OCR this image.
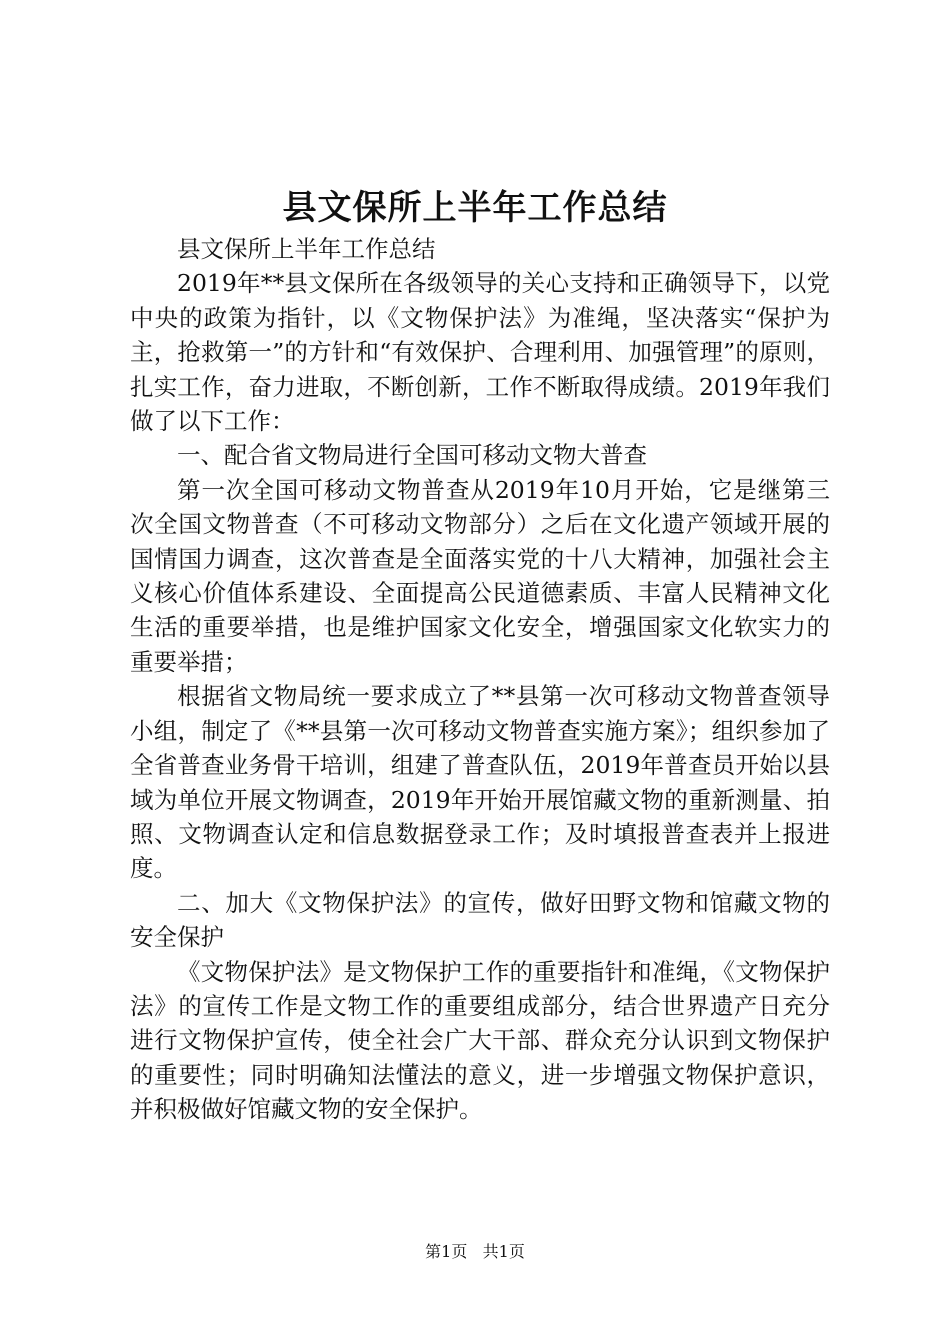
县文保所上半年工作总结

县文保所上半年工作总结

2019年**县文保所在各级领导的关心支持和正确领导下，以党中央的政策为指针，以《文物保护法》为准绳，坚决落实“保护为主，抢救第一”的方针和“有效保护、合理利用、加强管理”的原则，扎实工作，奋力进取，不断创新，工作不断取得成绩。2019年我们做了以下工作：

一、配合省文物局进行全国可移动文物大普查

第一次全国可移动文物普查从2019年10月开始，它是继第三次全国文物普查（不可移动文物部分）之后在文化遗产领域开展的国情国力调查，这次普查是全面落实党的十八大精神，加强社会主义核心价值体系建设、全面提高公民道德素质、丰富人民精神文化生活的重要举措，也是维护国家文化安全，增强国家文化软实力的重要举措；

根据省文物局统一要求成立了**县第一次可移动文物普查领导小组，制定了《**县第一次可移动文物普查实施方案》；组织参加了全省普查业务骨干培训，组建了普查队伍，2019年普查员开始以县域为单位开展文物调查，2019年开始开展馆藏文物的重新测量、拍照、文物调查认定和信息数据登录工作；及时填报普查表并上报进度。

二、加大《文物保护法》的宣传，做好田野文物和馆藏文物的安全保护

《文物保护法》是文物保护工作的重要指针和准绳，《文物保护法》的宣传工作是文物工作的重要组成部分，结合世界遗产日充分进行文物保护宣传，使全社会广大干部、群众充分认识到文物保护的重要性；同时明确知法懂法的意义，进一步增强文物保护意识，并积极做好馆藏文物的安全保护。

第1页 共1页
